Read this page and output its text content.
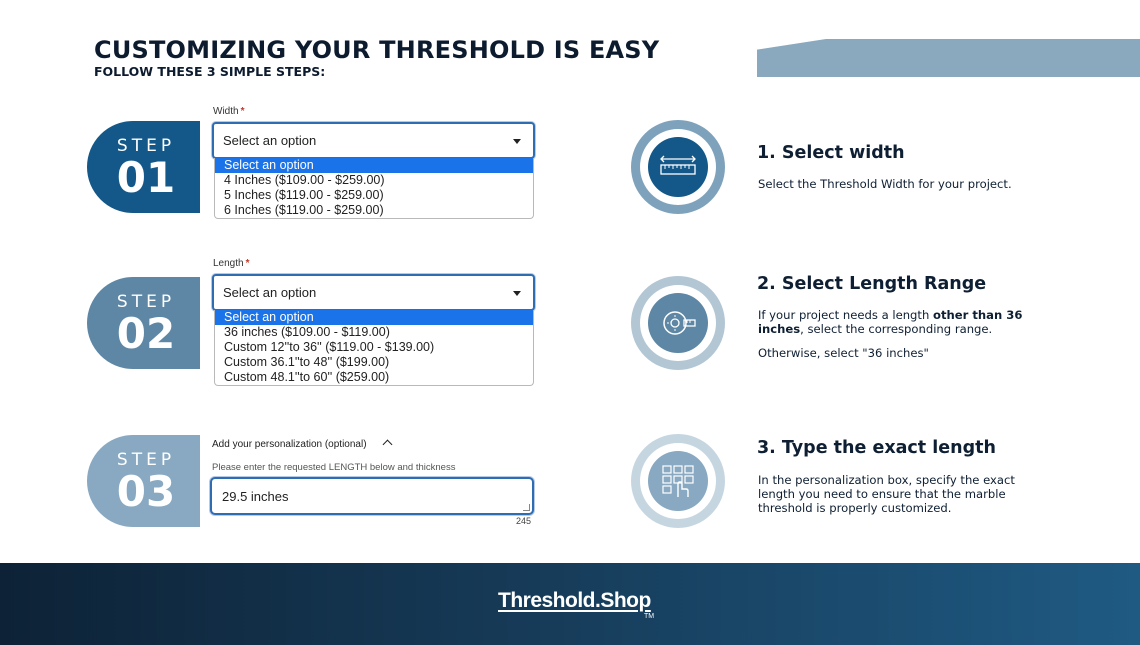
CUSTOMIZING YOUR THRESHOLD IS EASY
FOLLOW THESE 3 SIMPLE STEPS:
STEP
01
Width *
Select an option
Select an option
4 Inches ($109.00 - $259.00)
5 Inches ($119.00 - $259.00)
6 Inches ($119.00 - $259.00)
STEP
02
Length *
Select an option
Select an option
36 inches ($109.00 - $119.00)
Custom 12''to 36'' ($119.00 - $139.00)
Custom 36.1''to 48'' ($199.00)
Custom 48.1''to 60'' ($259.00)
STEP
03
Add your personalization (optional)
Please enter the requested LENGTH below and thickness
29.5 inches
245
1. Select width
Select the Threshold Width for your project.
2. Select Length Range
If your project needs a length other than 36 inches, select the corresponding range.
Otherwise, select "36 inches"
3. Type the exact length
In the personalization box, specify the exact length you need to ensure that the marble threshold is properly customized.
Threshold.Shop
TM
